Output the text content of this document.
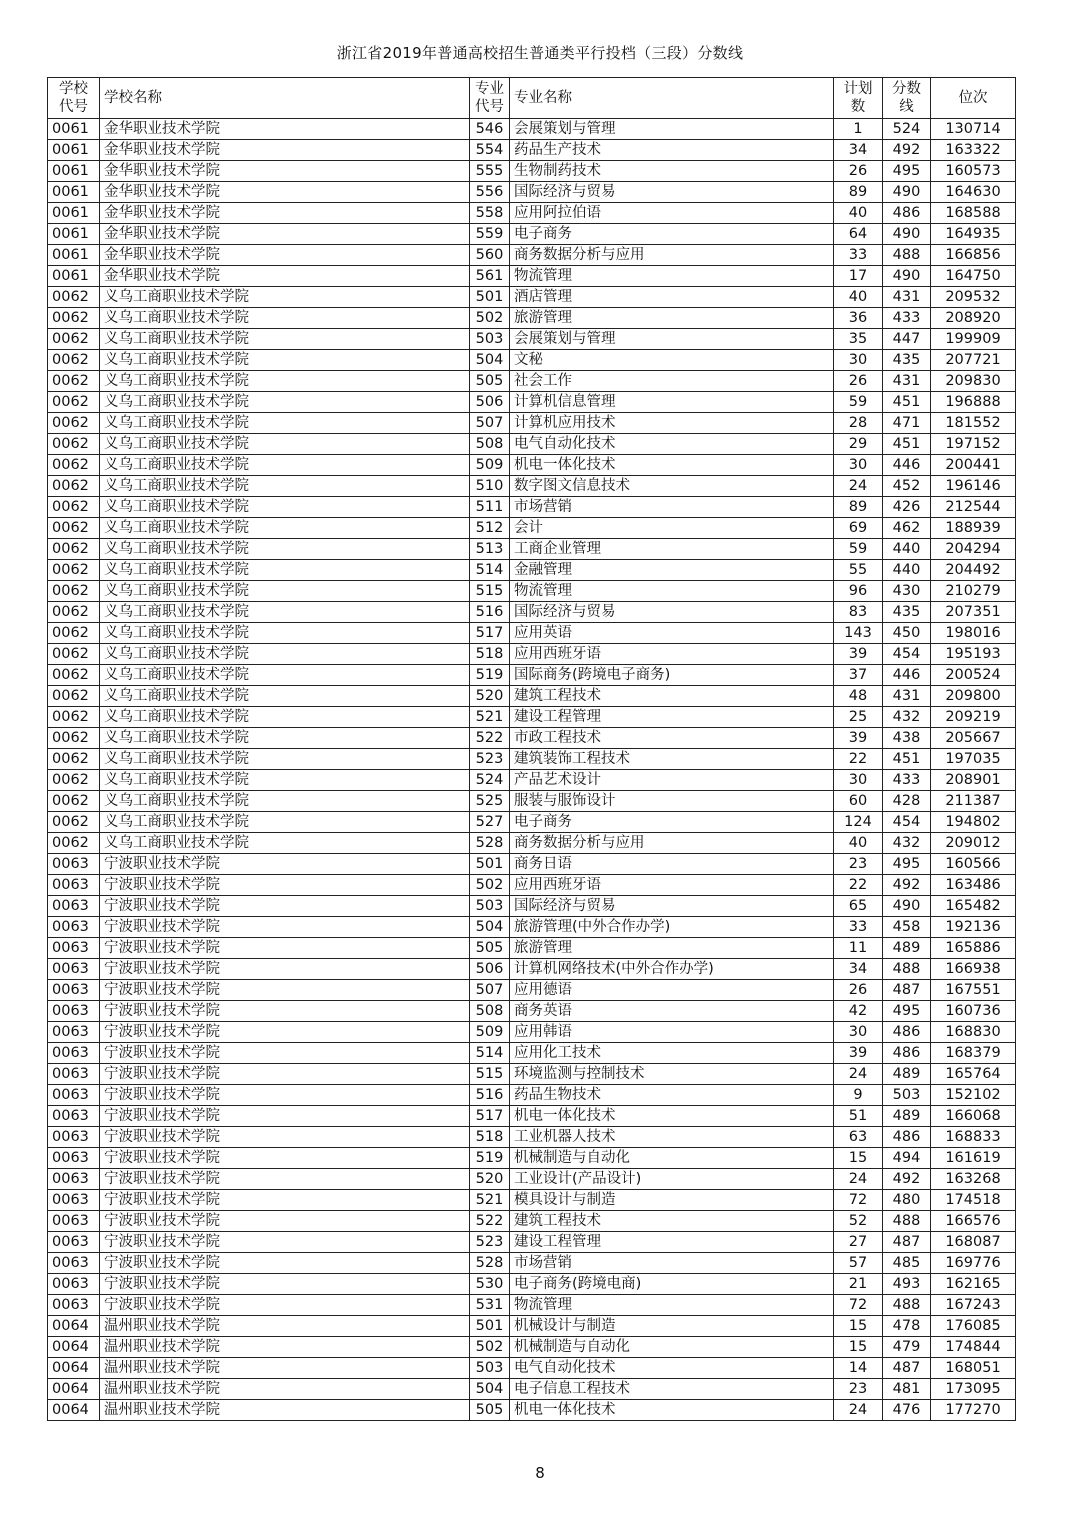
浙江省2019年普通高校招生普通类平行投档（三段）分数线
学校代号	学校名称	专业代号	专业名称	计划数	分数线	位次
0061	金华职业技术学院	546	会展策划与管理	1	524	130714
0061	金华职业技术学院	554	药品生产技术	34	492	163322
0061	金华职业技术学院	555	生物制药技术	26	495	160573
0061	金华职业技术学院	556	国际经济与贸易	89	490	164630
0061	金华职业技术学院	558	应用阿拉伯语	40	486	168588
0061	金华职业技术学院	559	电子商务	64	490	164935
0061	金华职业技术学院	560	商务数据分析与应用	33	488	166856
0061	金华职业技术学院	561	物流管理	17	490	164750
0062	义乌工商职业技术学院	501	酒店管理	40	431	209532
0062	义乌工商职业技术学院	502	旅游管理	36	433	208920
0062	义乌工商职业技术学院	503	会展策划与管理	35	447	199909
0062	义乌工商职业技术学院	504	文秘	30	435	207721
0062	义乌工商职业技术学院	505	社会工作	26	431	209830
0062	义乌工商职业技术学院	506	计算机信息管理	59	451	196888
0062	义乌工商职业技术学院	507	计算机应用技术	28	471	181552
0062	义乌工商职业技术学院	508	电气自动化技术	29	451	197152
0062	义乌工商职业技术学院	509	机电一体化技术	30	446	200441
0062	义乌工商职业技术学院	510	数字图文信息技术	24	452	196146
0062	义乌工商职业技术学院	511	市场营销	89	426	212544
0062	义乌工商职业技术学院	512	会计	69	462	188939
0062	义乌工商职业技术学院	513	工商企业管理	59	440	204294
0062	义乌工商职业技术学院	514	金融管理	55	440	204492
0062	义乌工商职业技术学院	515	物流管理	96	430	210279
0062	义乌工商职业技术学院	516	国际经济与贸易	83	435	207351
0062	义乌工商职业技术学院	517	应用英语	143	450	198016
0062	义乌工商职业技术学院	518	应用西班牙语	39	454	195193
0062	义乌工商职业技术学院	519	国际商务(跨境电子商务)	37	446	200524
0062	义乌工商职业技术学院	520	建筑工程技术	48	431	209800
0062	义乌工商职业技术学院	521	建设工程管理	25	432	209219
0062	义乌工商职业技术学院	522	市政工程技术	39	438	205667
0062	义乌工商职业技术学院	523	建筑装饰工程技术	22	451	197035
0062	义乌工商职业技术学院	524	产品艺术设计	30	433	208901
0062	义乌工商职业技术学院	525	服装与服饰设计	60	428	211387
0062	义乌工商职业技术学院	527	电子商务	124	454	194802
0062	义乌工商职业技术学院	528	商务数据分析与应用	40	432	209012
0063	宁波职业技术学院	501	商务日语	23	495	160566
0063	宁波职业技术学院	502	应用西班牙语	22	492	163486
0063	宁波职业技术学院	503	国际经济与贸易	65	490	165482
0063	宁波职业技术学院	504	旅游管理(中外合作办学)	33	458	192136
0063	宁波职业技术学院	505	旅游管理	11	489	165886
0063	宁波职业技术学院	506	计算机网络技术(中外合作办学)	34	488	166938
0063	宁波职业技术学院	507	应用德语	26	487	167551
0063	宁波职业技术学院	508	商务英语	42	495	160736
0063	宁波职业技术学院	509	应用韩语	30	486	168830
0063	宁波职业技术学院	514	应用化工技术	39	486	168379
0063	宁波职业技术学院	515	环境监测与控制技术	24	489	165764
0063	宁波职业技术学院	516	药品生物技术	9	503	152102
0063	宁波职业技术学院	517	机电一体化技术	51	489	166068
0063	宁波职业技术学院	518	工业机器人技术	63	486	168833
0063	宁波职业技术学院	519	机械制造与自动化	15	494	161619
0063	宁波职业技术学院	520	工业设计(产品设计)	24	492	163268
0063	宁波职业技术学院	521	模具设计与制造	72	480	174518
0063	宁波职业技术学院	522	建筑工程技术	52	488	166576
0063	宁波职业技术学院	523	建设工程管理	27	487	168087
0063	宁波职业技术学院	528	市场营销	57	485	169776
0063	宁波职业技术学院	530	电子商务(跨境电商)	21	493	162165
0063	宁波职业技术学院	531	物流管理	72	488	167243
0064	温州职业技术学院	501	机械设计与制造	15	478	176085
0064	温州职业技术学院	502	机械制造与自动化	15	479	174844
0064	温州职业技术学院	503	电气自动化技术	14	487	168051
0064	温州职业技术学院	504	电子信息工程技术	23	481	173095
0064	温州职业技术学院	505	机电一体化技术	24	476	177270
8
